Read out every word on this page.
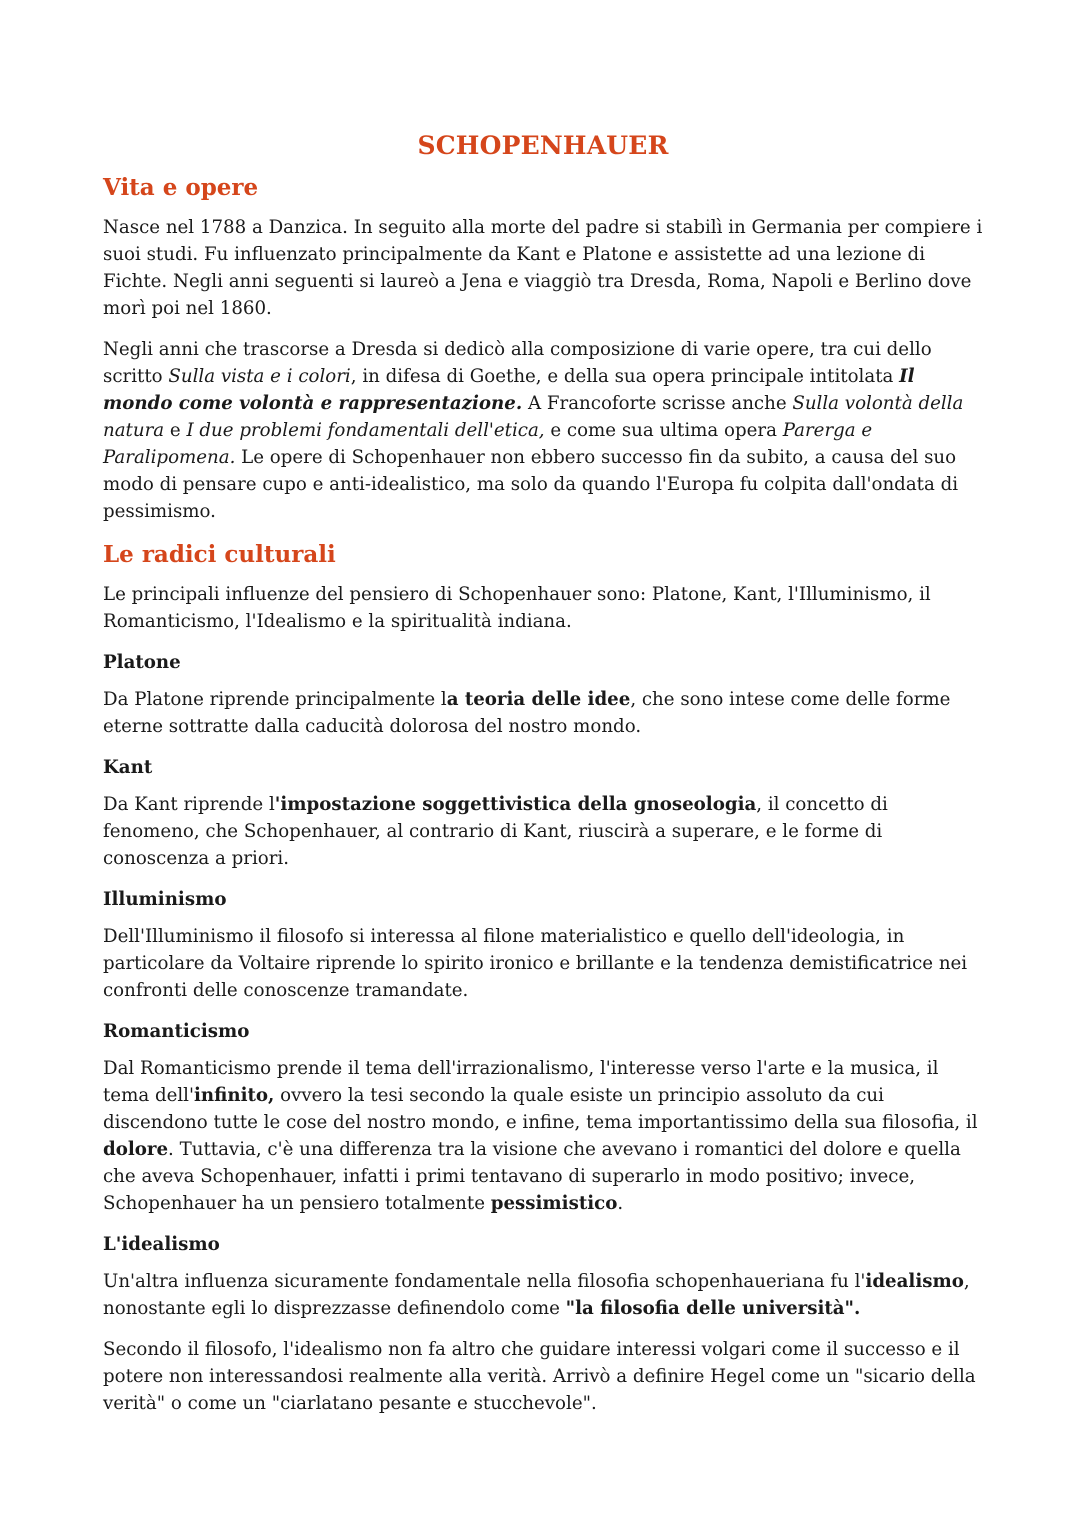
SCHOPENHAUER
Vita e opere

Nasce nel 1788 a Danzica. In seguito alla morte del padre si stabilì in Germania per compiere i suoi studi. Fu influenzato principalmente da Kant e Platone e assistette ad una lezione di Fichte. Negli anni seguenti si laureò a Jena e viaggiò tra Dresda, Roma, Napoli e Berlino dove morì poi nel 1860.

Negli anni che trascorse a Dresda si dedicò alla composizione di varie opere, tra cui dello scritto Sulla vista e i colori, in difesa di Goethe, e della sua opera principale intitolata Il mondo come volontà e rappresentazione. A Francoforte scrisse anche Sulla volontà della natura e I due problemi fondamentali dell'etica, e come sua ultima opera Parerga e Paralipomena. Le opere di Schopenhauer non ebbero successo fin da subito, a causa del suo modo di pensare cupo e anti-idealistico, ma solo da quando l'Europa fu colpita dall'ondata di pessimismo.

Le radici culturali

Le principali influenze del pensiero di Schopenhauer sono: Platone, Kant, l'Illuminismo, il Romanticismo, l'Idealismo e la spiritualità indiana.

Platone

Da Platone riprende principalmente la teoria delle idee, che sono intese come delle forme eterne sottratte dalla caducità dolorosa del nostro mondo.

Kant

Da Kant riprende l'impostazione soggettivistica della gnoseologia, il concetto di fenomeno, che Schopenhauer, al contrario di Kant, riuscirà a superare, e le forme di conoscenza a priori.

Illuminismo

Dell'Illuminismo il filosofo si interessa al filone materialistico e quello dell'ideologia, in particolare da Voltaire riprende lo spirito ironico e brillante e la tendenza demistificatrice nei confronti delle conoscenze tramandate.

Romanticismo

Dal Romanticismo prende il tema dell'irrazionalismo, l'interesse verso l'arte e la musica, il tema dell'infinito, ovvero la tesi secondo la quale esiste un principio assoluto da cui discendono tutte le cose del nostro mondo, e infine, tema importantissimo della sua filosofia, il dolore. Tuttavia, c'è una differenza tra la visione che avevano i romantici del dolore e quella che aveva Schopenhauer, infatti i primi tentavano di superarlo in modo positivo; invece, Schopenhauer ha un pensiero totalmente pessimistico.

L'idealismo

Un'altra influenza sicuramente fondamentale nella filosofia schopenhaueriana fu l'idealismo, nonostante egli lo disprezzasse definendolo come "la filosofia delle università".

Secondo il filosofo, l'idealismo non fa altro che guidare interessi volgari come il successo e il potere non interessandosi realmente alla verità. Arrivò a definire Hegel come un "sicario della verità" o come un "ciarlatano pesante e stucchevole".
